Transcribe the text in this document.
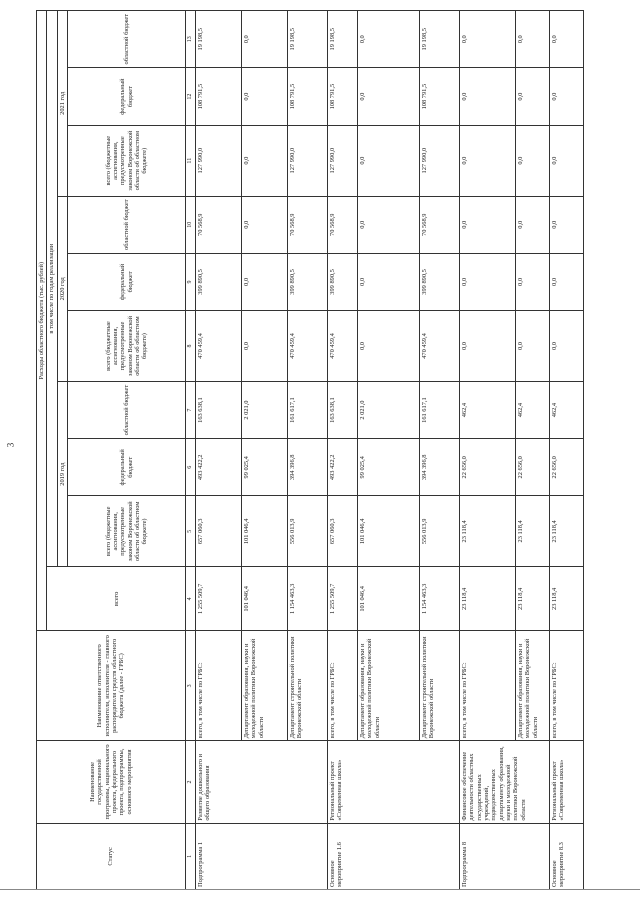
3
Статус	Наименование государственной программы, национального проекта, федерального проекта, подпрограммы, основного мероприятия	Наименование ответственного исполнителя, исполнителя - главного распорядителя средств областного бюджета (далее - ГРБС)	Расходы областного бюджета (тыс. рублей)									
			всего	в том числе по годам реализации								
				2019 год			2020 год			2021 год		
				всего (бюджетные ассигнования, предусмотренные законом Воронежской области об областном бюджете)	федеральный бюджет	областной бюджет	всего (бюджетные ассигнования, предусмотренные законом Воронежской области об областном бюджете)	федеральный бюджет	областной бюджет	всего (бюджетные ассигнования, предусмотренные законом Воронежской области об областном бюджете)	федеральный бюджет	областной бюджет
1	2	3	4	5	6	7	8	9	10	11	12	13
Подпрограмма 1	Развитие дошкольного и общего образования	всего, в том числе по ГРБС:	1 255 509,7	657 060,3	493 422,2	163 638,1	470 459,4	399 890,5	70 568,9	127 990,0	108 791,5	19 198,5
		Департамент образования, науки и молодежной политики Воронежской области	101 046,4	101 046,4	99 025,4	2 021,0	0,0	0,0	0,0	0,0	0,0	0,0
		Департамент строительной политики Воронежской области	1 154 463,3	556 013,9	394 396,8	161 617,1	470 459,4	399 890,5	70 568,9	127 990,0	108 791,5	19 198,5
Основное мероприятие 1.6	Региональный проект «Современная школа»	всего, в том числе по ГРБС:	1 255 509,7	657 060,3	493 422,2	163 638,1	470 459,4	399 890,5	70 568,9	127 990,0	108 791,5	19 198,5
		Департамент образования, науки и молодежной политики Воронежской области	101 046,4	101 046,4	99 025,4	2 021,0	0,0	0,0	0,0	0,0	0,0	0,0
		Департамент строительной политики Воронежской области	1 154 463,3	556 013,9	394 396,8	161 617,1	470 459,4	399 890,5	70 568,9	127 990,0	108 791,5	19 198,5
Подпрограмма 8	Финансовое обеспечение деятельности областных государственных учреждений, подведомственных департаменту образования, науки и молодежной политики Воронежской области	всего, в том числе по ГРБС:	23 118,4	23 118,4	22 656,0	462,4	0,0	0,0	0,0	0,0	0,0	0,0
		Департамент образования, науки и молодежной политики Воронежской области	23 118,4	23 118,4	22 656,0	462,4	0,0	0,0	0,0	0,0	0,0	0,0
Основное мероприятие 8.3	Региональный проект «Современная школа»	всего, в том числе по ГРБС:	23 118,4	23 118,4	22 656,0	462,4	0,0	0,0	0,0	0,0	0,0	0,0
